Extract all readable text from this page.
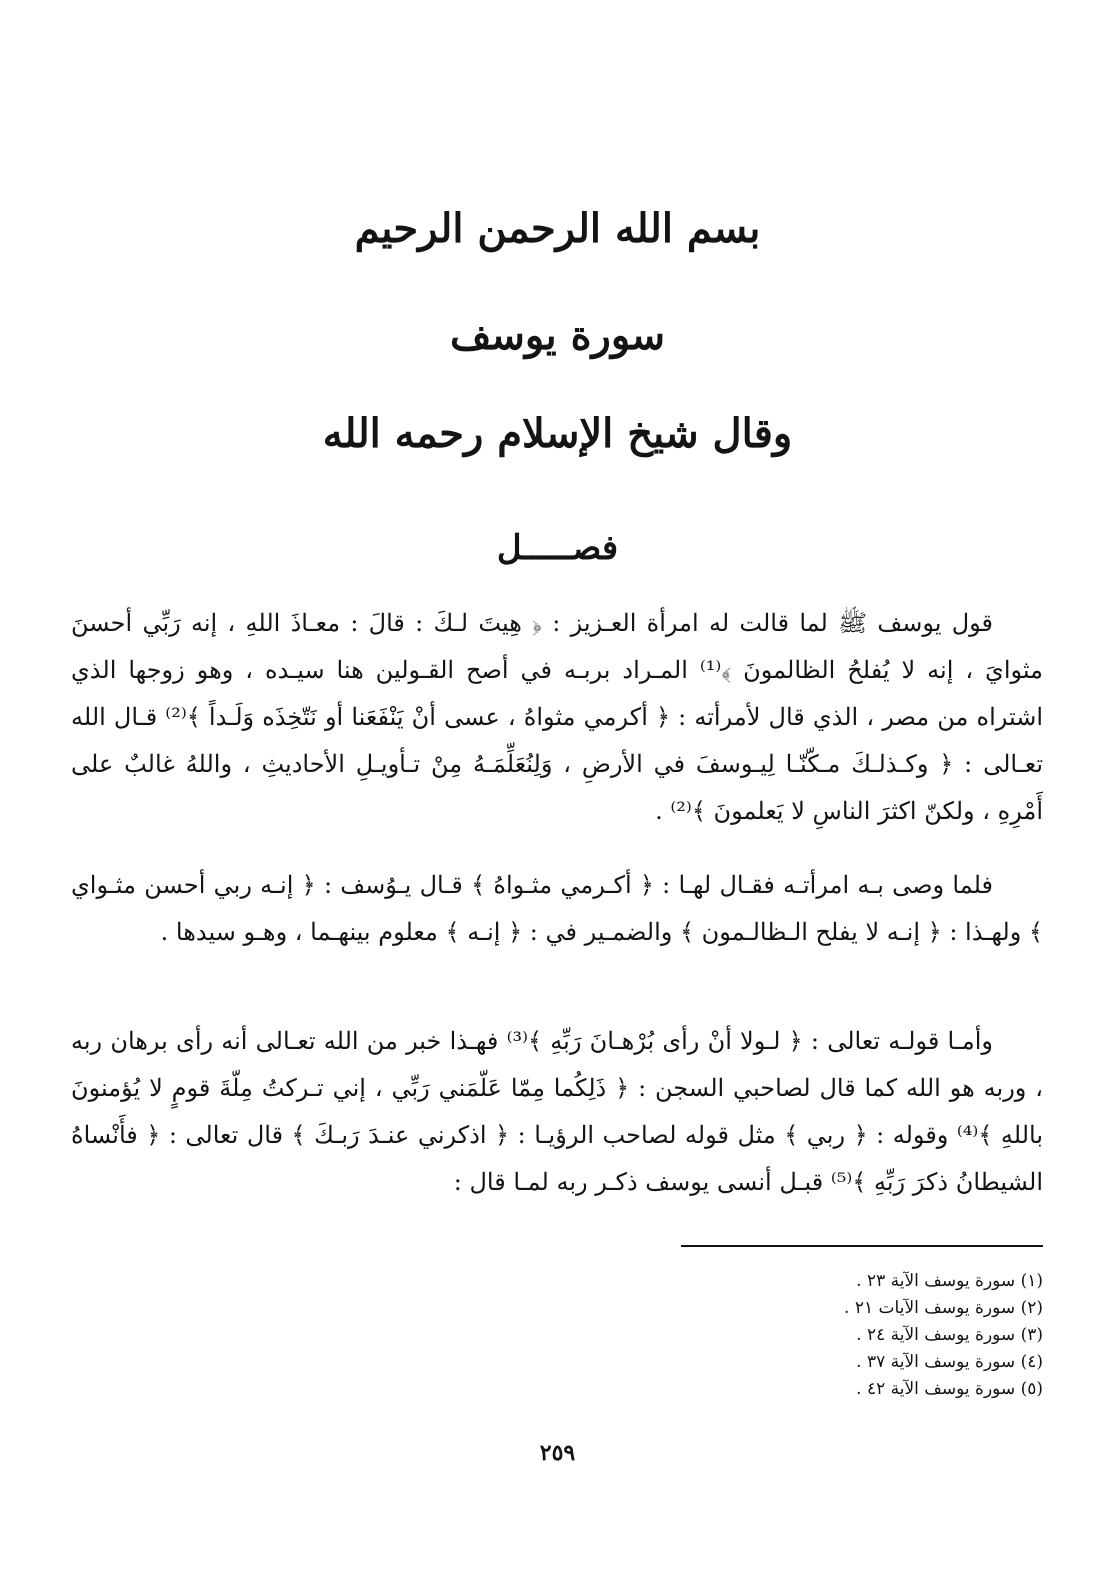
بسم الله الرحمن الرحيم
سورة يوسف
وقال شيخ الإسلام رحمه الله
فصـــــل

قول يوسف ﷺ لما قالت له امرأة العـزيز : ﴿ هِيتَ لـكَ : قالَ : معـاذَ اللهِ ، إنه رَبِّي أحسنَ مثوايَ ، إنه لا يُفلحُ الظالمونَ ﴾⁽¹⁾ المـراد بربـه في أصح القـولين هنا سيـده ، وهو زوجها الذي اشتراه من مصر ، الذي قال لأمرأته : ﴿ أكرمي مثواهُ ، عسى أنْ يَنْفَعَنا أو نَتّخِذَه وَلَـداً ﴾⁽²⁾ قـال الله تعـالى : ﴿ وكـذلـكَ مـكّنّـا لِيـوسفَ في الأرضِ ، وَلِنُعَلِّمَـهُ مِنْ تـأويـلِ الأحاديثِ ، واللهُ غالبٌ على أَمْرِهِ ، ولكنّ اكثرَ الناسِ لا يَعلمونَ ﴾⁽²⁾ .

فلما وصى بـه امرأتـه فقـال لهـا : ﴿ أكـرمي مثـواهُ ﴾ قـال يـوُسف : ﴿ إنـه ربي أحسن مثـواي ﴾ ولهـذا : ﴿ إنـه لا يفلح الـظالـمون ﴾ والضمـير في : ﴿ إنـه ﴾ معلوم بينهـما ، وهـو سيدها .

وأمـا قولـه تعالى : ﴿ لـولا أنْ رأى بُرْهـانَ رَبِّهِ ﴾⁽³⁾ فهـذا خبر من الله تعـالى أنه رأى برهان ربه ، وربه هو الله كما قال لصاحبي السجن : ﴿ ذَلِكُما مِمّا عَلّمَني رَبِّي ، إني تـركتُ مِلّةَ قومٍ لا يُؤمنونَ باللهِ ﴾⁽⁴⁾ وقوله : ﴿ ربي ﴾ مثل قوله لصاحب الرؤيـا : ﴿ اذكرني عنـدَ رَبـكَ ﴾ قال تعالى : ﴿ فأَنْساهُ الشيطانُ ذكرَ رَبِّهِ ﴾⁽⁵⁾ قبـل أنسى يوسف ذكـر ربه لمـا قال :

(١) سورة يوسف الآية ٢٣ .
(٢) سورة يوسف الآيات ٢١ .
(٣) سورة يوسف الآية ٢٤ .
(٤) سورة يوسف الآية ٣٧ .
(٥) سورة يوسف الآية ٤٢ .
٢٥٩
